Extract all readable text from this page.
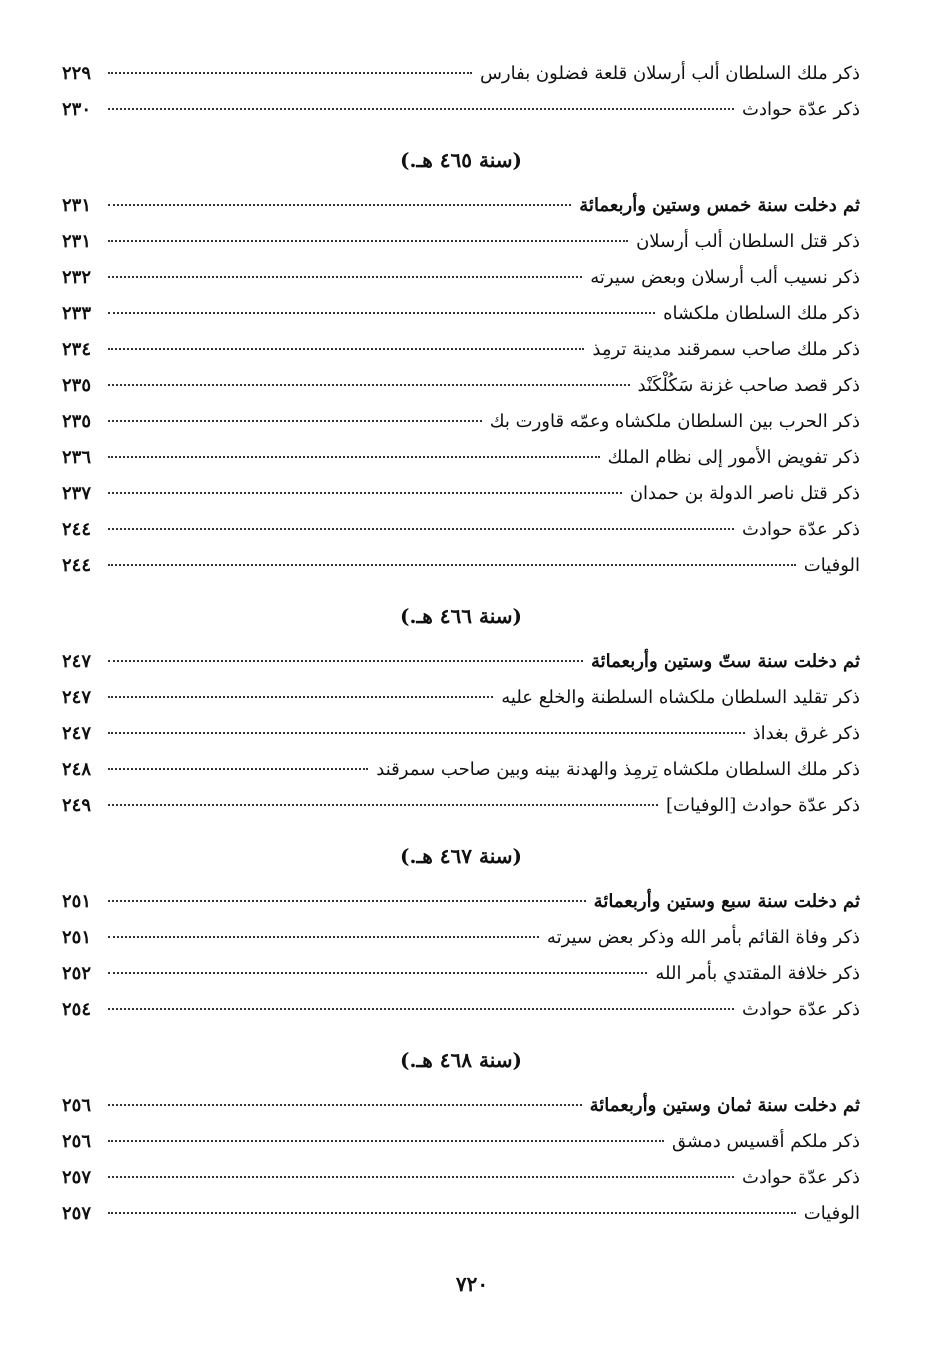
ذكر ملك السلطان ألب أرسلان قلعة فضلون بفارس
٢٢٩
ذكر عدّة حوادث
٢٣٠
(سنة ٤٦٥ هـ.)
ثم دخلت سنة خمس وستين وأربعمائة
٢٣١
ذكر قتل السلطان ألب أرسلان
٢٣١
ذكر نسيب ألب أرسلان وبعض سيرته
٢٣٢
ذكر ملك السلطان ملكشاه
٢٣٣
ذكر ملك صاحب سمرقند مدينة ترمِذ
٢٣٤
ذكر قصد صاحب غزنة سَكُلْكَنْد
٢٣٥
ذكر الحرب بين السلطان ملكشاه وعمّه قاورت بك
٢٣٥
ذكر تفويض الأمور إلى نظام الملك
٢٣٦
ذكر قتل ناصر الدولة بن حمدان
٢٣٧
ذكر عدّة حوادث
٢٤٤
الوفيات
٢٤٤
(سنة ٤٦٦ هـ.)
ثم دخلت سنة ستّ وستين وأربعمائة
٢٤٧
ذكر تقليد السلطان ملكشاه السلطنة والخلع عليه
٢٤٧
ذكر غرق بغداذ
٢٤٧
ذكر ملك السلطان ملكشاه تِرمِذ والهدنة بينه وبين صاحب سمرقند
٢٤٨
ذكر عدّة حوادث [الوفيات]
٢٤٩
(سنة ٤٦٧ هـ.)
ثم دخلت سنة سبع وستين وأربعمائة
٢٥١
ذكر وفاة القائم بأمر الله وذكر بعض سيرته
٢٥١
ذكر خلافة المقتدي بأمر الله
٢٥٢
ذكر عدّة حوادث
٢٥٤
(سنة ٤٦٨ هـ.)
ثم دخلت سنة ثمان وستين وأربعمائة
٢٥٦
ذكر ملكم أقسيس دمشق
٢٥٦
ذكر عدّة حوادث
٢٥٧
الوفيات
٢٥٧
٧٢٠
